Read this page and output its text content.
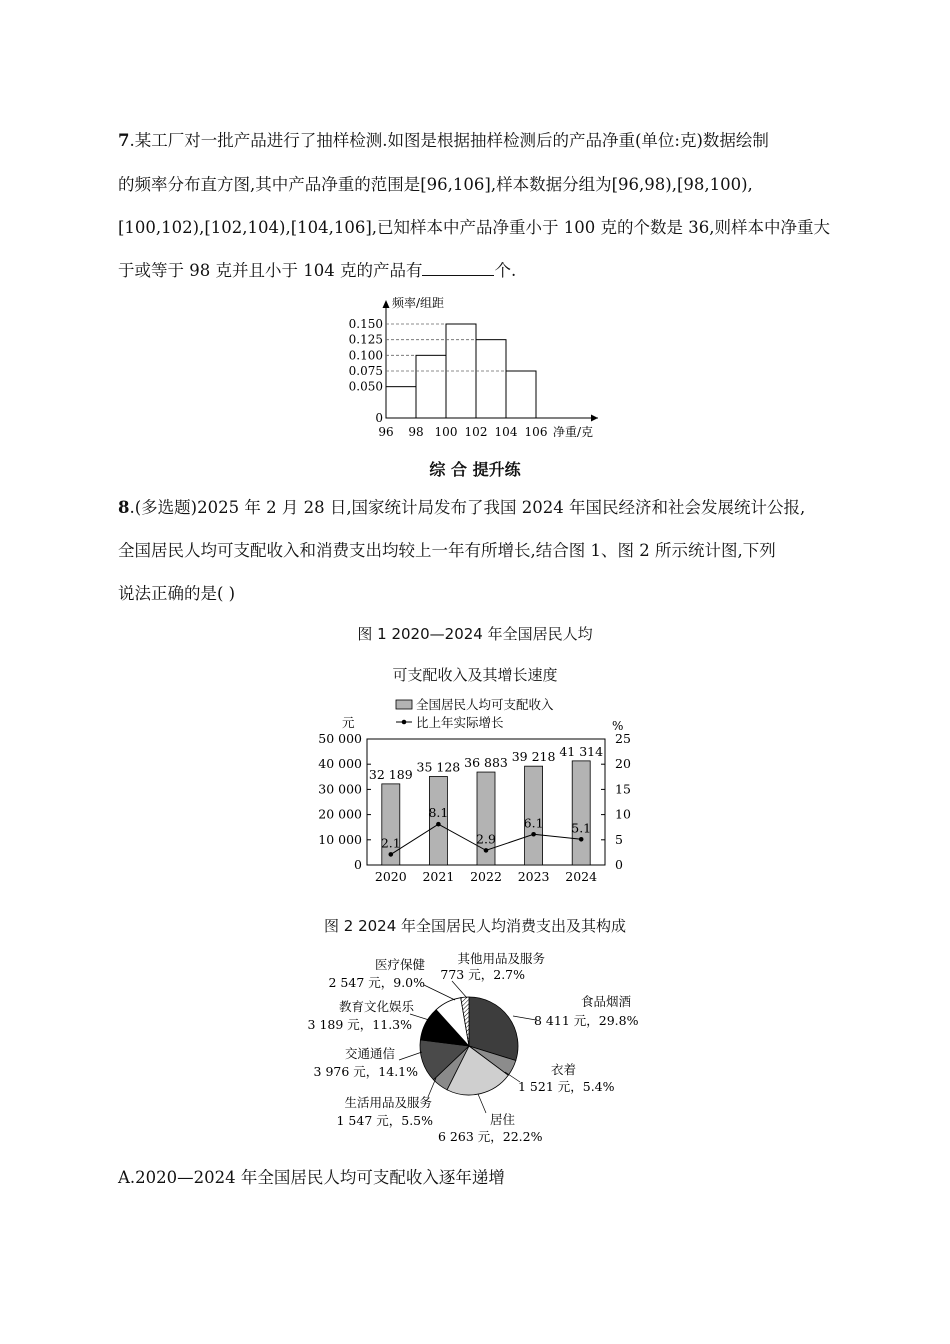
7.某工厂对一批产品进行了抽样检测.如图是根据抽样检测后的产品净重(单位:克)数据绘制
的频率分布直方图,其中产品净重的范围是[96,106],样本数据分组为[96,98),[98,100),
[100,102),[102,104),[104,106],已知样本中产品净重小于 100 克的个数是 36,则样本中净重大
于或等于 98 克并且小于 104 克的产品有	个.
0
0.050
0.075
0.100
0.125
0.150
96 98 100 102 104 106
频率/组距
净重/克
综 合 提升练
8.(多选题)2025 年 2 月 28 日,国家统计局发布了我国 2024 年国民经济和社会发展统计公报,
全国居民人均可支配收入和消费支出均较上一年有所增长,结合图 1、图 2 所示统计图,下列
说法正确的是( )
图 1 2020—2024 年全国居民人均
可支配收入及其增长速度
0
10 000
20 000
30 000
40 000
50 000
0
5
10
15
20
25
元	%
32 189 35 128 36 883 39 218 41 314
2020 2021 2022 2023 2024
2.1
8.1
2.9
6.1 5.1
全国居民人均可支配收入
比上年实际增长
图 2 2024 年全国居民人均消费支出及其构成
食品烟酒
8 411 元，29.8%
衣着
1 521 元，5.4%
居住
6 263 元，22.2%
生活用品及服务
1 547 元，5.5%
交通通信
3 976 元，14.1%
教育文化娱乐
3 189 元，11.3%
医疗保健
2 547 元，9.0%
其他用品及服务
773 元，2.7%
A.2020—2024 年全国居民人均可支配收入逐年递增
